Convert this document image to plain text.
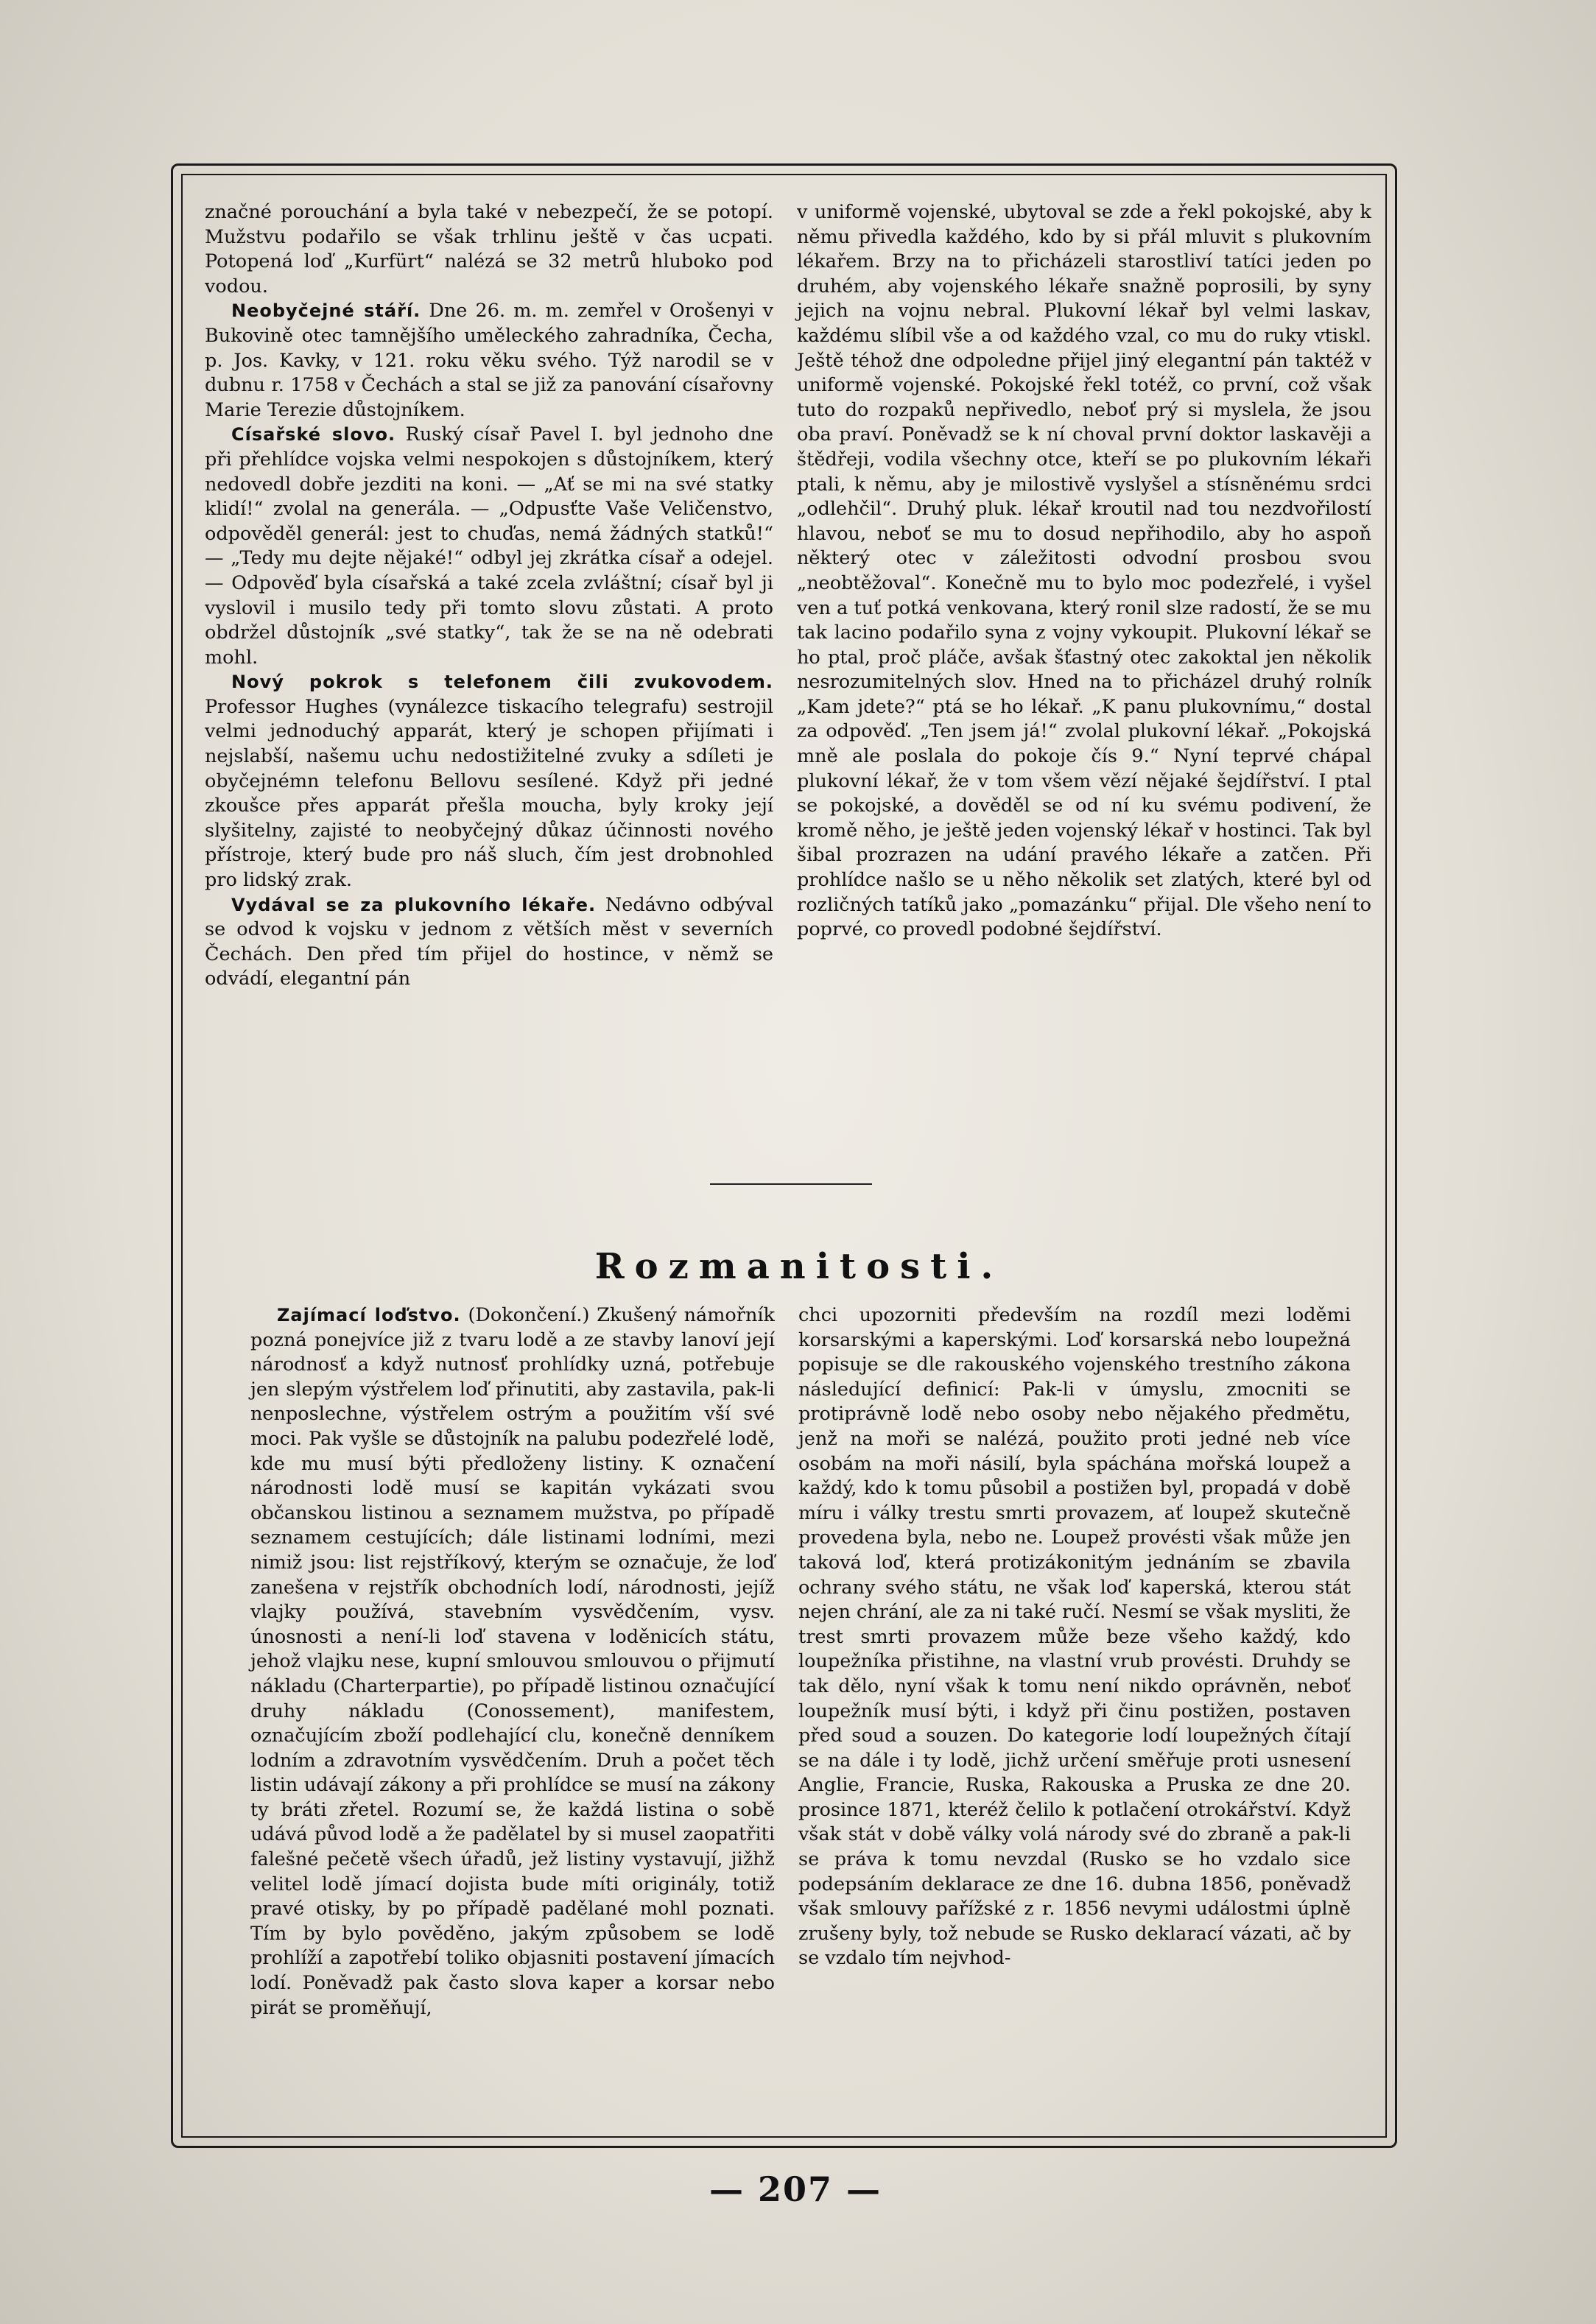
značné porouchání a byla také v nebezpečí, že se potopí. Mužstvu podařilo se však trhlinu ještě v čas ucpati. Potopená loď „Kurfürt“ nalézá se 32 metrů hluboko pod vodou.

Neobyčejné stáří. Dne 26. m. m. zemřel v Orošenyi v Bukovině otec tamnějšího uměleckého zahradníka, Čecha, p. Jos. Kavky, v 121. roku věku svého. Týž narodil se v dubnu r. 1758 v Čechách a stal se již za panování císařovny Marie Terezie důstojníkem.

Císařské slovo. Ruský císař Pavel I. byl jednoho dne při přehlídce vojska velmi nespokojen s důstojníkem, který nedovedl dobře jezditi na koni. — „Ať se mi na své statky klidí!“ zvolal na generála. — „Odpusťte Vaše Veličenstvo, odpověděl generál: jest to chuďas, nemá žádných statků!“ — „Tedy mu dejte nějaké!“ odbyl jej zkrátka císař a odejel. — Odpověď byla císařská a také zcela zvláštní; císař byl ji vyslovil i musilo tedy při tomto slovu zůstati. A proto obdržel důstojník „své statky“, tak že se na ně odebrati mohl.

Nový pokrok s telefonem čili zvukovodem. Professor Hughes (vynálezce tiskacího telegrafu) sestrojil velmi jednoduchý apparát, který je schopen přijímati i nejslabší, našemu uchu nedostižitelné zvuky a sdíleti je obyčejnémn telefonu Bellovu sesílené. Když při jedné zkoušce přes apparát přešla moucha, byly kroky její slyšitelny, zajisté to neobyčejný důkaz účinnosti nového přístroje, který bude pro náš sluch, čím jest drobnohled pro lidský zrak.

Vydával se za plukovního lékaře. Nedávno odbýval se odvod k vojsku v jednom z větších měst v severních Čechách. Den před tím přijel do hostince, v němž se odvádí, elegantní pán

v uniformě vojenské, ubytoval se zde a řekl pokojské, aby k němu přivedla každého, kdo by si přál mluvit s plukovním lékařem. Brzy na to přicházeli starostliví tatíci jeden po druhém, aby vojenského lékaře snažně poprosili, by syny jejich na vojnu nebral. Plukovní lékař byl velmi laskav, každému slíbil vše a od každého vzal, co mu do ruky vtiskl. Ještě téhož dne odpoledne přijel jiný elegantní pán taktéž v uniformě vojenské. Pokojské řekl totéž, co první, což však tuto do rozpaků nepřivedlo, neboť prý si myslela, že jsou oba praví. Poněvadž se k ní choval první doktor laskavěji a štědřeji, vodila všechny otce, kteří se po plukovním lékaři ptali, k němu, aby je milostivě vyslyšel a stísněnému srdci „odlehčil“. Druhý pluk. lékař kroutil nad tou nezdvořilostí hlavou, neboť se mu to dosud nepřihodilo, aby ho aspoň některý otec v záležitosti odvodní prosbou svou „neobtěžoval“. Konečně mu to bylo moc podezřelé, i vyšel ven a tuť potká venkovana, který ronil slze radostí, že se mu tak lacino podařilo syna z vojny vykoupit. Plukovní lékař se ho ptal, proč pláče, avšak šťastný otec zakoktal jen několik nesrozumitelných slov. Hned na to přicházel druhý rolník „Kam jdete?“ ptá se ho lékař. „K panu plukovnímu,“ dostal za odpověď. „Ten jsem já!“ zvolal plukovní lékař. „Pokojská mně ale poslala do pokoje čís 9.“ Nyní teprvé chápal plukovní lékař, že v tom všem vězí nějaké šejdířství. I ptal se pokojské, a dověděl se od ní ku svému podivení, že kromě něho, je ještě jeden vojenský lékař v hostinci. Tak byl šibal prozrazen na udání pravého lékaře a zatčen. Při prohlídce našlo se u něho několik set zlatých, které byl od rozličných tatíků jako „pomazánku“ přijal. Dle všeho není to poprvé, co provedl podobné šejdířství.

Rozmanitosti.

Zajímací loďstvo. (Dokončení.) Zkušený námořník pozná ponejvíce již z tvaru lodě a ze stavby lanoví její národnosť a když nutnosť prohlídky uzná, potřebuje jen slepým výstřelem loď přinutiti, aby zastavila, pak-li nenposlechne, výstřelem ostrým a použitím vší své moci. Pak vyšle se důstojník na palubu podezřelé lodě, kde mu musí býti předloženy listiny. K označení národnosti lodě musí se kapitán vykázati svou občanskou listinou a seznamem mužstva, po případě seznamem cestujících; dále listinami lodními, mezi nimiž jsou: list rejstříkový, kterým se označuje, že loď zanešena v rejstřík obchodních lodí, národnosti, jejíž vlajky používá, stavebním vysvědčením, vysv. únosnosti a není-li loď stavena v loděnicích státu, jehož vlajku nese, kupní smlouvou smlouvou o přijmutí nákladu (Charterpartie), po případě listinou označující druhy nákladu (Conossement), manifestem, označujícím zboží podlehající clu, konečně denníkem lodním a zdravotním vysvědčením. Druh a počet těch listin udávají zákony a při prohlídce se musí na zákony ty bráti zřetel. Rozumí se, že každá listina o sobě udává původ lodě a že padělatel by si musel zaopatřiti falešné pečetě všech úřadů, jež listiny vystavují, jižhž velitel lodě jímací dojista bude míti originály, totiž pravé otisky, by po případě padělané mohl poznati. Tím by bylo pověděno, jakým způsobem se lodě prohlíží a zapotřebí toliko objasniti postavení jímacích lodí. Poněvadž pak často slova kaper a korsar nebo pirát se proměňují,

chci upozorniti především na rozdíl mezi loděmi korsarskými a kaperskými. Loď korsarská nebo loupežná popisuje se dle rakouského vojenského trestního zákona následující definicí: Pak-li v úmyslu, zmocniti se protiprávně lodě nebo osoby nebo nějakého předmětu, jenž na moři se nalézá, použito proti jedné neb více osobám na moři násilí, byla spáchána mořská loupež a každý, kdo k tomu působil a postižen byl, propadá v době míru i války trestu smrti provazem, ať loupež skutečně provedena byla, nebo ne. Loupež provésti však může jen taková loď, která protizákonitým jednáním se zbavila ochrany svého státu, ne však loď kaperská, kterou stát nejen chrání, ale za ni také ručí. Nesmí se však mysliti, že trest smrti provazem může beze všeho každý, kdo loupežníka přistihne, na vlastní vrub provésti. Druhdy se tak dělo, nyní však k tomu není nikdo oprávněn, neboť loupežník musí býti, i když při činu postižen, postaven před soud a souzen. Do kategorie lodí loupežných čítají se na dále i ty lodě, jichž určení směřuje proti usnesení Anglie, Francie, Ruska, Rakouska a Pruska ze dne 20. prosince 1871, kteréž čelilo k potlačení otrokářství. Když však stát v době války volá národy své do zbraně a pak-li se práva k tomu nevzdal (Rusko se ho vzdalo sice podepsáním deklarace ze dne 16. dubna 1856, poněvadž však smlouvy pařížské z r. 1856 nevymi událostmi úplně zrušeny byly, tož nebude se Rusko deklarací vázati, ač by se vzdalo tím nejvhod-

— 207 —
